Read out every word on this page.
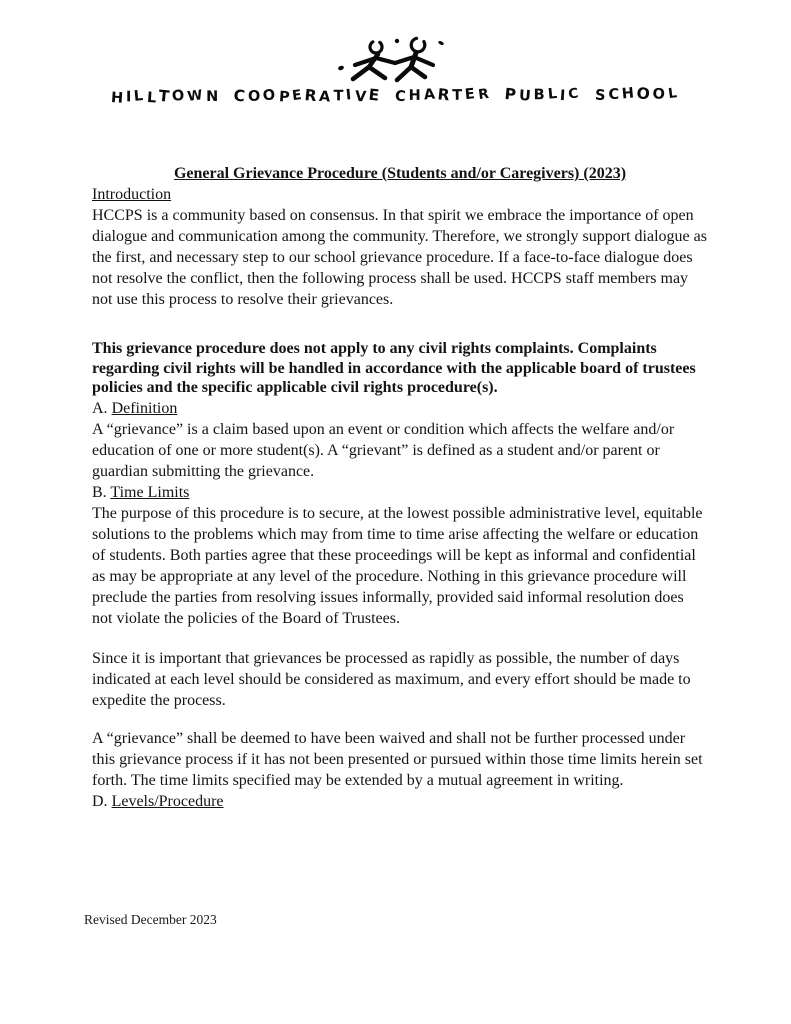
HILLTOWN COOPERATIVE CHARTER PUBLIC SCHOOL
General Grievance Procedure (Students and/or Caregivers) (2023)
Introduction

HCCPS is a community based on consensus. In that spirit we embrace the importance of open dialogue and communication among the community. Therefore, we strongly support dialogue as the first, and necessary step to our school grievance procedure. If a face-to-face dialogue does not resolve the conflict, then the following process shall be used. HCCPS staff members may not use this process to resolve their grievances.

This grievance procedure does not apply to any civil rights complaints. Complaints regarding civil rights will be handled in accordance with the applicable board of trustees policies and the specific applicable civil rights procedure(s).

A. Definition

A “grievance” is a claim based upon an event or condition which affects the welfare and/or education of one or more student(s). A “grievant” is defined as a student and/or parent or guardian submitting the grievance.

B. Time Limits

The purpose of this procedure is to secure, at the lowest possible administrative level, equitable solutions to the problems which may from time to time arise affecting the welfare or education of students. Both parties agree that these proceedings will be kept as informal and confidential as may be appropriate at any level of the procedure. Nothing in this grievance procedure will preclude the parties from resolving issues informally, provided said informal resolution does not violate the policies of the Board of Trustees.

Since it is important that grievances be processed as rapidly as possible, the number of days indicated at each level should be considered as maximum, and every effort should be made to expedite the process.

A “grievance” shall be deemed to have been waived and shall not be further processed under this grievance process if it has not been presented or pursued within those time limits herein set forth. The time limits specified may be extended by a mutual agreement in writing.

D. Levels/Procedure
Revised December 2023
